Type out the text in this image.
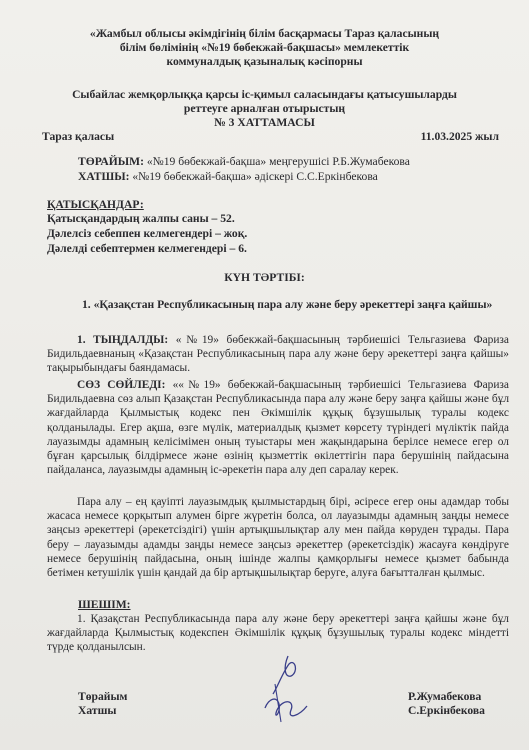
«Жамбыл облысы әкімдігінің білім басқармасы Тараз қаласының
білім бөлімінің «№19 бөбекжай-бақшасы» мемлекеттік
коммуналдық қазыналық кәсіпорны
Сыбайлас жемқорлыққа қарсы іс-қимыл саласындағы қатысушыларды
реттеуге арналған отырыстың
№ 3 ХАТТАМАСЫ
Тараз қаласы	11.03.2025 жыл
ТӨРАЙЫМ: «№19 бөбекжай-бақша» меңгерушісі Р.Б.Жумабекова
ХАТШЫ: «№19 бөбекжай-бақша» әдіскері С.С.Еркінбекова
ҚАТЫСҚАНДАР:
Қатысқандардың жалпы саны – 52.
Дәлелсіз себеппен келмегендері – жоқ.
Дәлелді себептермен келмегендері – 6.
КҮН ТӘРТІБІ:
1. «Қазақстан Республикасының пара алу және беру әрекеттері заңға қайшы»
1. ТЫҢДАЛДЫ: «№19» бөбекжай-бақшасының тәрбиешісі Тельгазиева Фариза Бидильдаевнаның «Қазақстан Республикасының пара алу және беру әрекеттері заңға қайшы» тақырыбындағы баяндамасы.
СӨЗ СӨЙЛЕДІ: ««№19» бөбекжай-бақшасының тәрбиешісі Тельгазиева Фариза Бидильдаевна сөз алып Қазақстан Республикасында пара алу және беру заңға қайшы және бұл жағдайларда Қылмыстық кодекс пен Әкімшілік құқық бұзушылық туралы кодекс қолданылады. Егер ақша, өзге мүлік, материалдық қызмет көрсету түріндегі мүліктік пайда лауазымды адамның келісімімен оның туыстары мен жақындарына берілсе немесе егер ол бұған қарсылық білдірмесе және өзінің қызметтік өкілеттігін пара берушінің пайдасына пайдаланса, лауазымды адамның іс-әрекетін пара алу деп саралау керек.
Пара алу – ең қауіпті лауазымдық қылмыстардың бірі, әсіресе егер оны адамдар тобы жасаса немесе қорқытып алумен бірге жүретін болса, ол лауазымды адамның заңды немесе заңсыз әрекеттері (әрекетсіздігі) үшін артықшылықтар алу мен пайда көруден тұрады. Пара беру – лауазымды адамды заңды немесе заңсыз әрекеттер (әрекетсіздік) жасауға көндіруге немесе берушінің пайдасына, оның ішінде жалпы қамқорлығы немесе қызмет бабында бетімен кетушілік үшін қандай да бір артықшылықтар беруге, алуға бағытталған қылмыс.
ШЕШІМ:
1. Қазақстан Республикасында пара алу және беру әрекеттері заңға қайшы және бұл жағдайларда Қылмыстық кодекспен Әкімшілік құқық бұзушылық туралы кодекс міндетті түрде қолданылсын.
Төрайым
Хатшы
Р.Жумабекова
С.Еркінбекова
